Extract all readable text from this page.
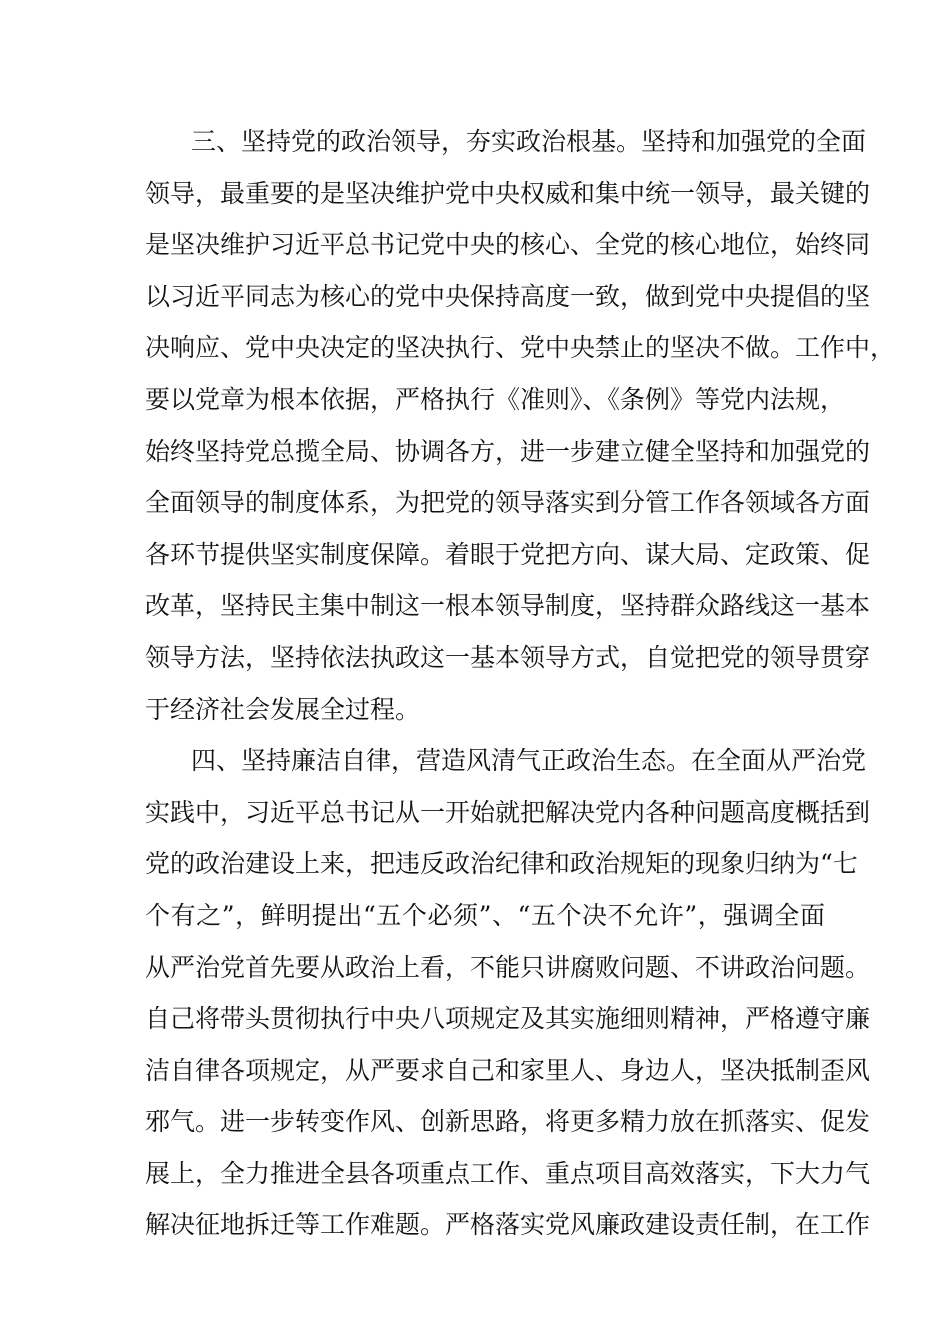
三、坚持党的政治领导，夯实政治根基。坚持和加强党的全面
领导，最重要的是坚决维护党中央权威和集中统一领导，最关键的
是坚决维护习近平总书记党中央的核心、全党的核心地位，始终同
以习近平同志为核心的党中央保持高度一致，做到党中央提倡的坚
决响应、党中央决定的坚决执行、党中央禁止的坚决不做。工作中，
要以党章为根本依据，严格执行《准则》、《条例》等党内法规，
始终坚持党总揽全局、协调各方，进一步建立健全坚持和加强党的
全面领导的制度体系，为把党的领导落实到分管工作各领域各方面
各环节提供坚实制度保障。着眼于党把方向、谋大局、定政策、促
改革，坚持民主集中制这一根本领导制度，坚持群众路线这一基本
领导方法，坚持依法执政这一基本领导方式，自觉把党的领导贯穿
于经济社会发展全过程。
四、坚持廉洁自律，营造风清气正政治生态。在全面从严治党
实践中，习近平总书记从一开始就把解决党内各种问题高度概括到
党的政治建设上来，把违反政治纪律和政治规矩的现象归纳为“七
个有之”，鲜明提出“五个必须”、“五个决不允许”，强调全面
从严治党首先要从政治上看，不能只讲腐败问题、不讲政治问题。
自己将带头贯彻执行中央八项规定及其实施细则精神，严格遵守廉
洁自律各项规定，从严要求自己和家里人、身边人，坚决抵制歪风
邪气。进一步转变作风、创新思路，将更多精力放在抓落实、促发
展上，全力推进全县各项重点工作、重点项目高效落实，下大力气
解决征地拆迁等工作难题。严格落实党风廉政建设责任制，在工作
